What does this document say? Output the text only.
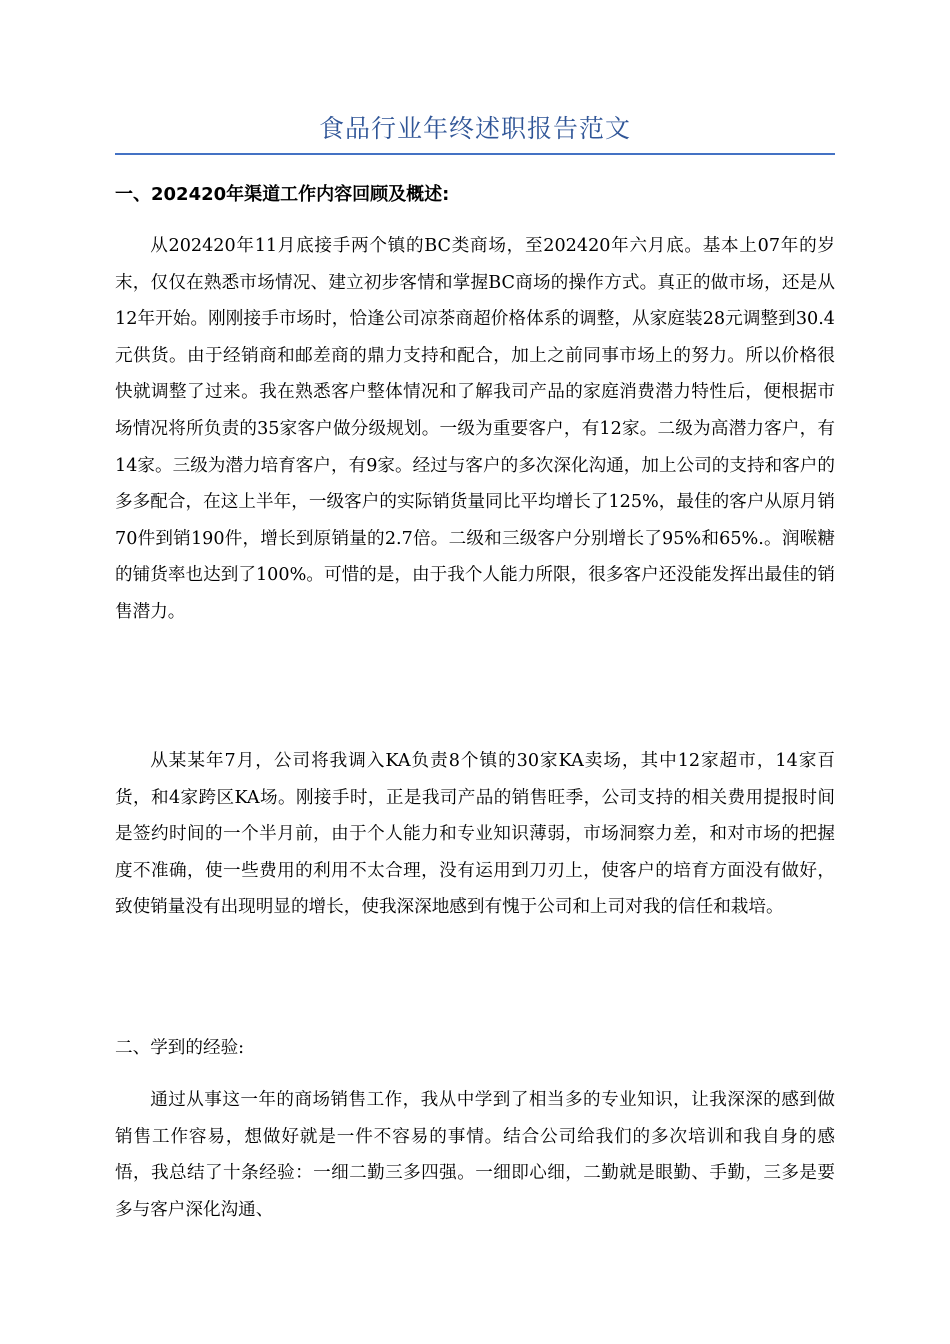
食品行业年终述职报告范文
一、202420年渠道工作内容回顾及概述:

从202420年11月底接手两个镇的BC类商场，至202420年六月底。基本上07年的岁末，仅仅在熟悉市场情况、建立初步客情和掌握BC商场的操作方式。真正的做市场，还是从12年开始。刚刚接手市场时，恰逢公司凉茶商超价格体系的调整，从家庭装28元调整到30.4元供货。由于经销商和邮差商的鼎力支持和配合，加上之前同事市场上的努力。所以价格很快就调整了过来。我在熟悉客户整体情况和了解我司产品的家庭消费潜力特性后，便根据市场情况将所负责的35家客户做分级规划。一级为重要客户，有12家。二级为高潜力客户，有14家。三级为潜力培育客户，有9家。经过与客户的多次深化沟通，加上公司的支持和客户的多多配合，在这上半年，一级客户的实际销货量同比平均增长了125%，最佳的客户从原月销70件到销190件，增长到原销量的2.7倍。二级和三级客户分别增长了95%和65%.。润喉糖的铺货率也达到了100%。可惜的是，由于我个人能力所限，很多客户还没能发挥出最佳的销售潜力。

从某某年7月，公司将我调入KA负责8个镇的30家KA卖场，其中12家超市，14家百货，和4家跨区KA场。刚接手时，正是我司产品的销售旺季，公司支持的相关费用提报时间是签约时间的一个半月前，由于个人能力和专业知识薄弱，市场洞察力差，和对市场的把握度不准确，使一些费用的利用不太合理，没有运用到刀刃上，使客户的培育方面没有做好，致使销量没有出现明显的增长，使我深深地感到有愧于公司和上司对我的信任和栽培。

二、学到的经验:

通过从事这一年的商场销售工作，我从中学到了相当多的专业知识，让我深深的感到做销售工作容易，想做好就是一件不容易的事情。结合公司给我们的多次培训和我自身的感悟，我总结了十条经验：一细二勤三多四强。一细即心细，二勤就是眼勤、手勤，三多是要多与客户深化沟通、
